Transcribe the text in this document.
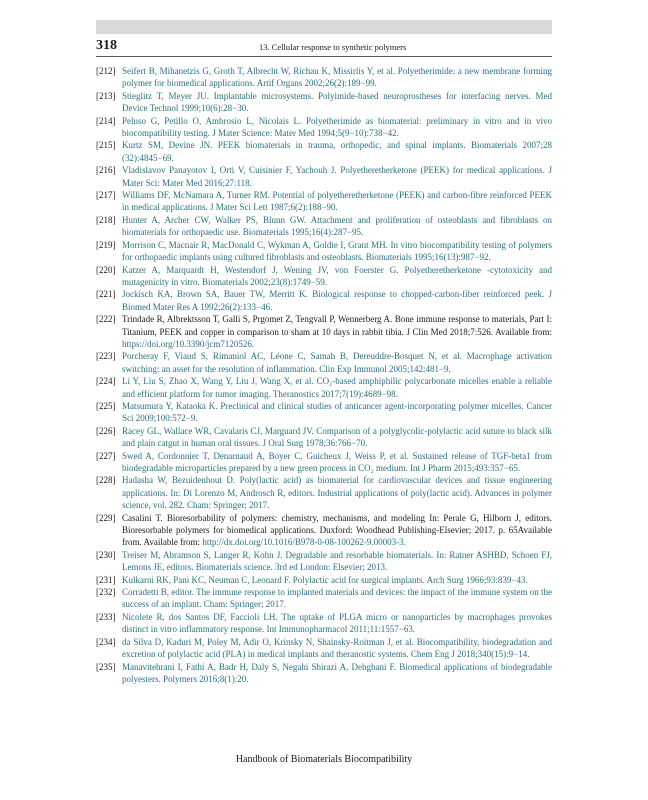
318	13. Cellular response to synthetic polymers
[212] Seifert B, Mihanetzis G, Groth T, Albrecht W, Richau K, Missirlis Y, et al. Polyetherimide: a new membrane forming polymer for biomedical applications. Artif Organs 2002;26(2):189−99.
[213] Stieglitz T, Meyer JU. Implantable microsystems. Polyimide-based neuroprostheses for interfacing nerves. Med Device Technol 1999;10(6):28−30.
[214] Peluso G, Petillo O, Ambrosio L, Nicolais L. Polyetherimide as biomaterial: preliminary in vitro and in vivo biocompatibility testing. J Mater Science: Mater Med 1994;5(9−10):738−42.
[215] Kurtz SM, Devine JN. PEEK biomaterials in trauma, orthopedic, and spinal implants. Biomaterials 2007;28 (32):4845−69.
[216] Vladislavov Panayotov I, Orti V, Cuisinier F, Yachouh J. Polyetheretherketone (PEEK) for medical applications. J Mater Sci: Mater Med 2016;27:118.
[217] Williams DF, McNamara A, Turner RM. Potential of polyetheretherketone (PEEK) and carbon-fibre reinforced PEEK in medical applications. J Mater Sci Lett 1987;6(2):188−90.
[218] Hunter A, Archer CW, Walker PS, Blunn GW. Attachment and proliferation of osteoblasts and fibroblasts on biomaterials for orthopaedic use. Biomaterials 1995;16(4):287−95.
[219] Morrison C, Macnair R, MacDonald C, Wykman A, Goldie I, Grant MH. In vitro biocompatibility testing of polymers for orthopaedic implants using cultured fibroblasts and osteoblasts. Biomaterials 1995;16(13):987−92.
[220] Katzer A, Marquardt H, Westendorf J, Wening JV, von Foerster G. Polyetheretherketone -cytotoxicity and mutagenicity in vitro. Biomaterials 2002;23(8):1749−59.
[221] Jockisch KA, Brown SA, Bauer TW, Merritt K. Biological response to chopped-carbon-fiber reinforced peek. J Biomed Mater Res A 1992;26(2):133−46.
[222] Trindade R, Albrektsson T, Galli S, Prgomet Z, Tengvall P, Wennerberg A. Bone immune response to materials, Part I: Titanium, PEEK and copper in comparison to sham at 10 days in rabbit tibia. J Clin Med 2018;7:526. Available from: https://doi.org/10.3390/jcm7120526.
[223] Porcheray F, Viaud S, Rimaniol AC, Léone C, Samah B, Dereuddre-Bosquet N, et al. Macrophage activation switching: an asset for the resolution of inflammation. Clin Exp Immunol 2005;142:481−9.
[224] Li Y, Liu S, Zhao X, Wang Y, Liu J, Wang X, et al. CO₂-based amphiphilic polycarbonate micelles enable a reliable and efficient platform for tumor imaging. Theranostics 2017;7(19):4689−98.
[225] Matsumura Y, Kataoka K. Preclinical and clinical studies of anticancer agent-incorporating polymer micelles. Cancer Sci 2009;100:572−9.
[226] Racey GL, Wallace WR, Cavalaris CJ, Marguard JV. Comparison of a polyglycolic-polylactic acid suture to black silk and plain catgut in human oral tissues. J Oral Surg 1978;36:766−70.
[227] Swed A, Cordonnier T, Denarnaud A, Boyer C, Guicheux J, Weiss P, et al. Sustained release of TGF-beta1 from biodegradable microparticles prepared by a new green process in CO₂ medium. Int J Pharm 2015;493:357−65.
[228] Hadasha W, Bezuidenhout D. Poly(lactic acid) as biomaterial for cardiovascular devices and tissue engineering applications. In: Di Lorenzo M, Androsch R, editors. Industrial applications of poly(lactic acid). Advances in polymer science, vol. 282. Cham: Springer; 2017.
[229] Casalini T. Bioresorbability of polymers: chemistry, mechanisms, and modeling In: Perale G, Hilborn J, editors. Bioresorbable polymers for biomedical applications. Duxford: Woodhead Publishing-Elsevier; 2017. p. 65Available from. Available from: http://dx.doi.org/10.1016/B978-0-08-100262-9.00003-3.
[230] Treiser M, Abramson S, Langer R, Kohn J. Degradable and resorbable biomaterials. In: Ratner ASHBD, Schoen FJ, Lemons JE, editors. Biomaterials science. 3rd ed London: Elsevier; 2013.
[231] Kulkarni RK, Pani KC, Neuman C, Leonard F. Polylactic acid for surgical implants. Arch Surg 1966;93:839−43.
[232] Corradetti B, editor. The immune response to implanted materials and devices: the impact of the immune system on the success of an implant. Cham: Springer; 2017.
[233] Nicolete R, dos Santos DF, Faccioli LH. The uptake of PLGA micro or nanoparticles by macrophages provokes distinct in vitro inflammatory response. Int Immunopharmacol 2011;11:1557−63.
[234] da Silva D, Kaduri M, Poley M, Adir O, Krinsky N, Shainsky-Roitman J, et al. Biocompatibility, biodegradation and excretion of polylactic acid (PLA) in medical implants and theranostic systems. Chem Eng J 2018;340(15):9−14.
[235] Manavitehrani I, Fathi A, Badr H, Daly S, Negahi Shirazi A, Dehghani F. Biomedical applications of biodegradable polyesters. Polymers 2016;8(1):20.
Handbook of Biomaterials Biocompatibility
